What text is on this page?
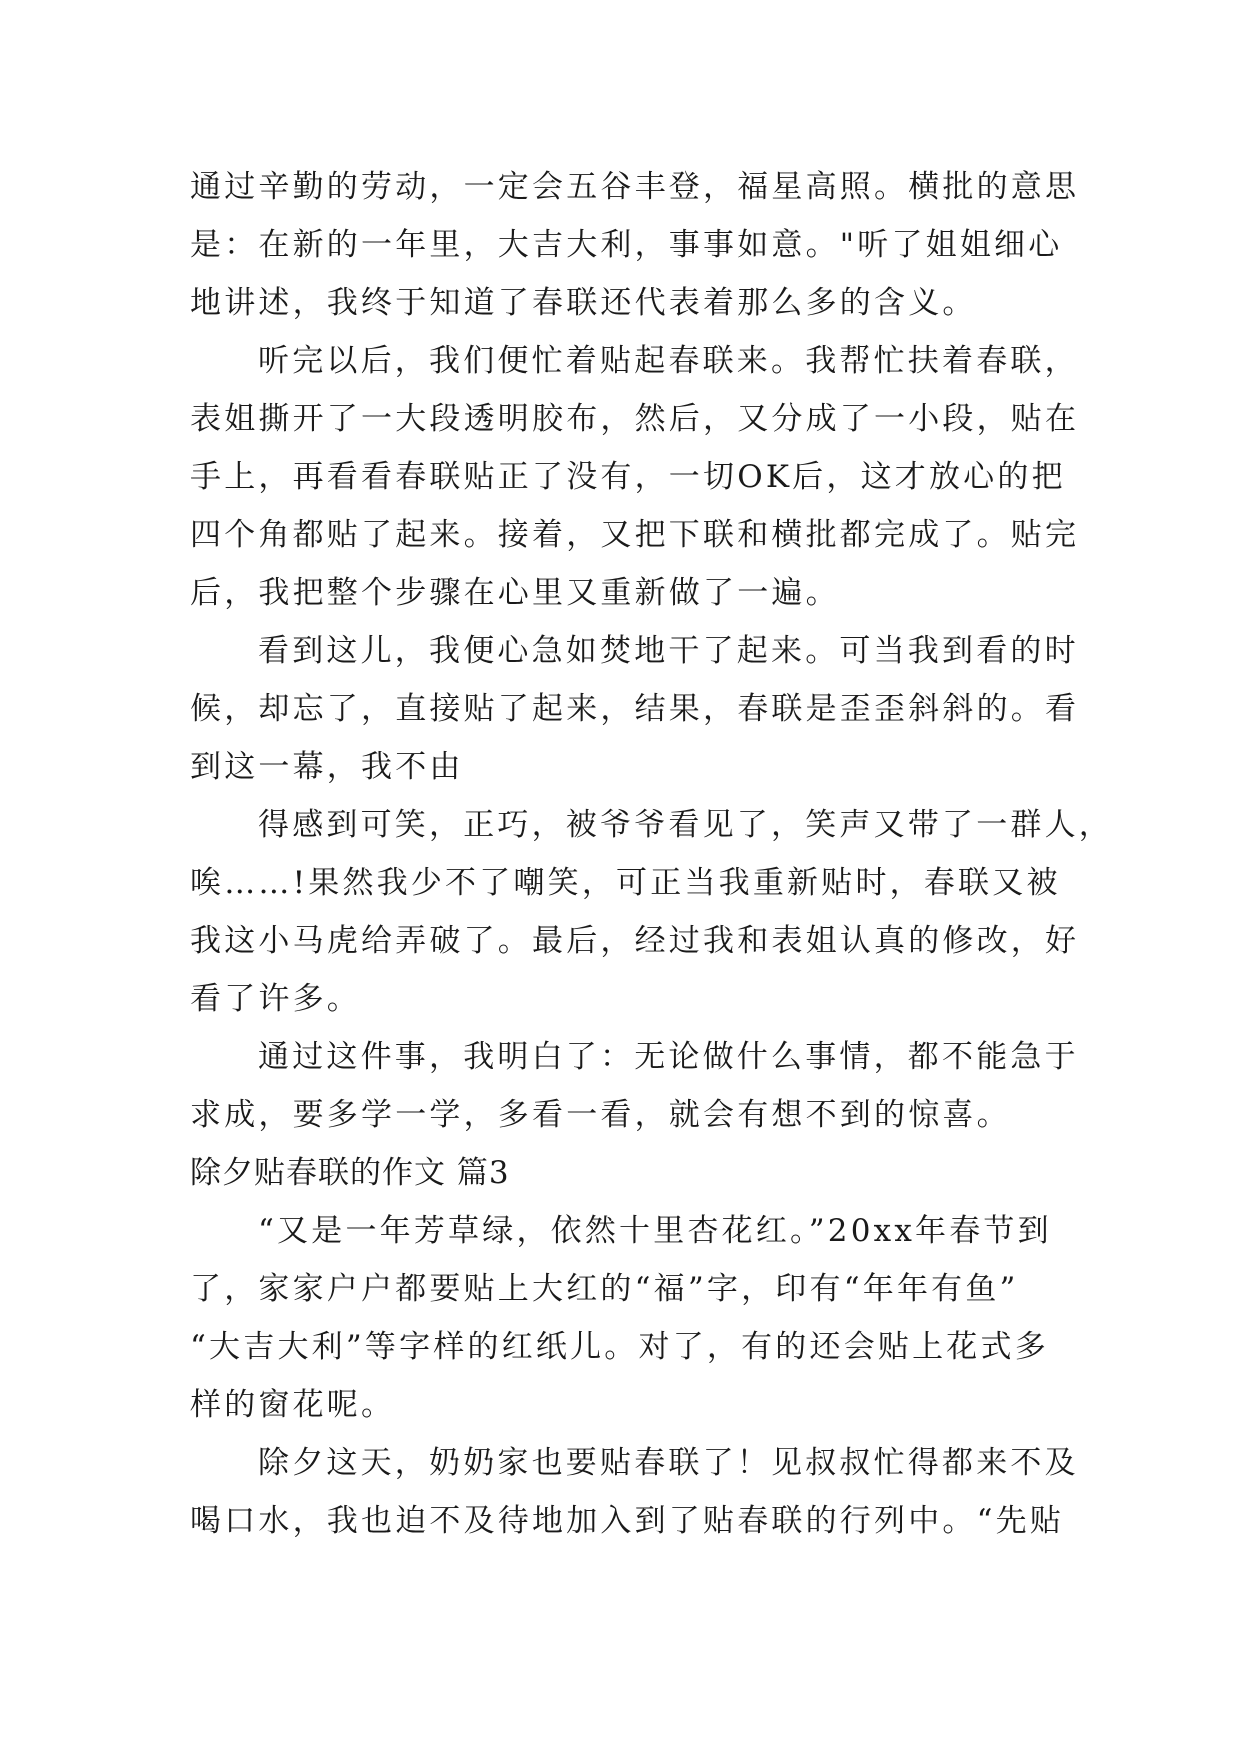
通过辛勤的劳动，一定会五谷丰登，福星高照。横批的意思
是：在新的一年里，大吉大利，事事如意。"听了姐姐细心
地讲述，我终于知道了春联还代表着那么多的含义。
听完以后，我们便忙着贴起春联来。我帮忙扶着春联，
表姐撕开了一大段透明胶布，然后，又分成了一小段，贴在
手上，再看看春联贴正了没有，一切OK后，这才放心的把
四个角都贴了起来。接着，又把下联和横批都完成了。贴完
后，我把整个步骤在心里又重新做了一遍。
看到这儿，我便心急如焚地干了起来。可当我到看的时
候，却忘了，直接贴了起来，结果，春联是歪歪斜斜的。看
到这一幕，我不由
得感到可笑，正巧，被爷爷看见了，笑声又带了一群人，
唉……!果然我少不了嘲笑，可正当我重新贴时，春联又被
我这小马虎给弄破了。最后，经过我和表姐认真的修改，好
看了许多。
通过这件事，我明白了：无论做什么事情，都不能急于
求成，要多学一学，多看一看，就会有想不到的惊喜。
除夕贴春联的作文 篇3
“又是一年芳草绿，依然十里杏花红。”20xx年春节到
了，家家户户都要贴上大红的“福”字，印有“年年有鱼”
“大吉大利”等字样的红纸儿。对了，有的还会贴上花式多
样的窗花呢。
除夕这天，奶奶家也要贴春联了！见叔叔忙得都来不及
喝口水，我也迫不及待地加入到了贴春联的行列中。“先贴
